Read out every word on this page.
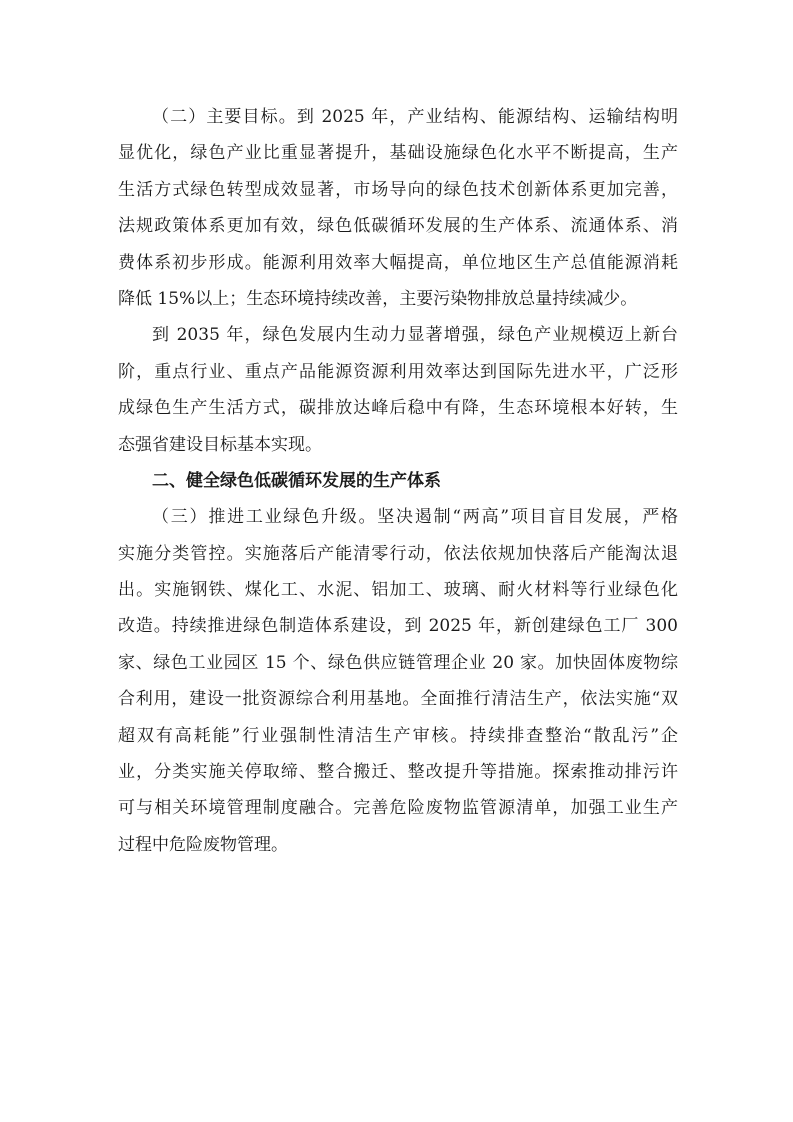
（二）主要目标。到 2025 年，产业结构、能源结构、运输结构明
显优化，绿色产业比重显著提升，基础设施绿色化水平不断提高，生产
生活方式绿色转型成效显著，市场导向的绿色技术创新体系更加完善，
法规政策体系更加有效，绿色低碳循环发展的生产体系、流通体系、消
费体系初步形成。能源利用效率大幅提高，单位地区生产总值能源消耗
降低 15%以上；生态环境持续改善，主要污染物排放总量持续减少。
到 2035 年，绿色发展内生动力显著增强，绿色产业规模迈上新台
阶，重点行业、重点产品能源资源利用效率达到国际先进水平，广泛形
成绿色生产生活方式，碳排放达峰后稳中有降，生态环境根本好转，生
态强省建设目标基本实现。
二、健全绿色低碳循环发展的生产体系
（三）推进工业绿色升级。坚决遏制“两高”项目盲目发展，严格
实施分类管控。实施落后产能清零行动，依法依规加快落后产能淘汰退
出。实施钢铁、煤化工、水泥、铝加工、玻璃、耐火材料等行业绿色化
改造。持续推进绿色制造体系建设，到 2025 年，新创建绿色工厂 300
家、绿色工业园区 15 个、绿色供应链管理企业 20 家。加快固体废物综
合利用，建设一批资源综合利用基地。全面推行清洁生产，依法实施“双
超双有高耗能”行业强制性清洁生产审核。持续排查整治“散乱污”企
业，分类实施关停取缔、整合搬迁、整改提升等措施。探索推动排污许
可与相关环境管理制度融合。完善危险废物监管源清单，加强工业生产
过程中危险废物管理。
